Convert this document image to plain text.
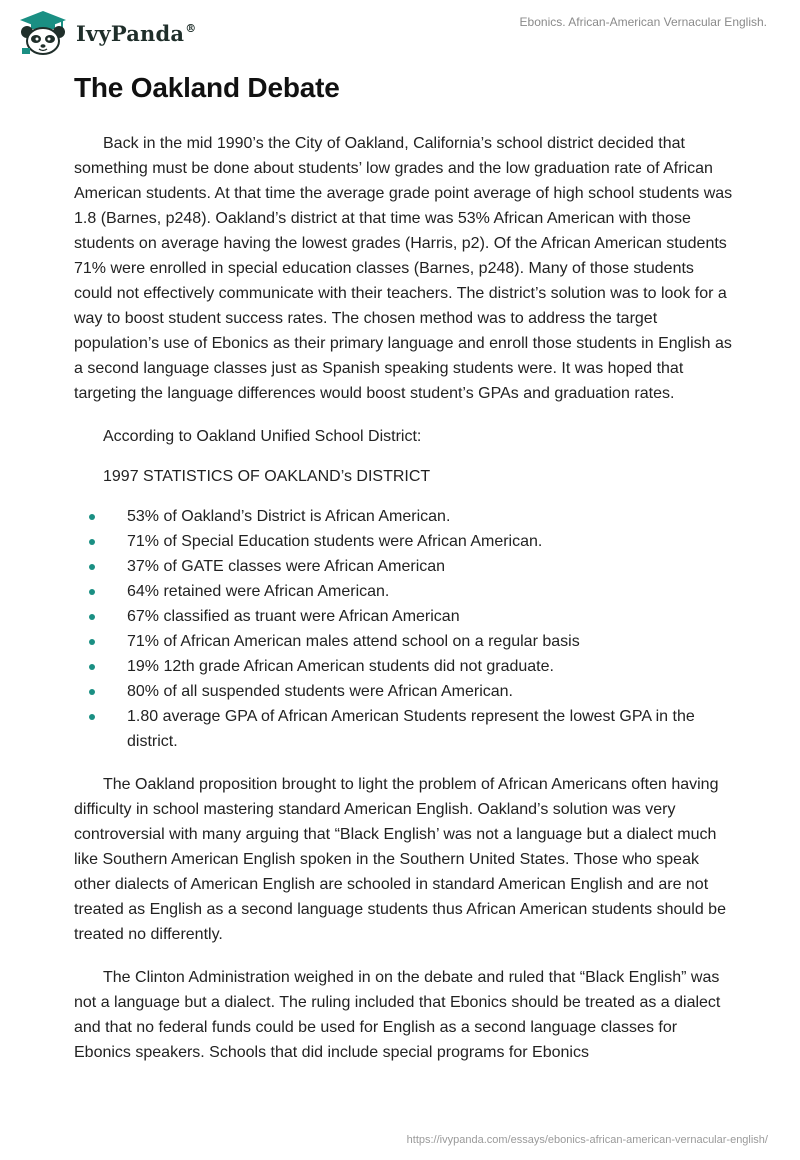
IvyPanda®	Ebonics. African-American Vernacular English.
The Oakland Debate

Back in the mid 1990’s the City of Oakland, California’s school district decided that something must be done about students’ low grades and the low graduation rate of African American students. At that time the average grade point average of high school students was 1.8 (Barnes, p248). Oakland’s district at that time was 53% African American with those students on average having the lowest grades (Harris, p2). Of the African American students 71% were enrolled in special education classes (Barnes, p248). Many of those students could not effectively communicate with their teachers. The district’s solution was to look for a way to boost student success rates. The chosen method was to address the target population’s use of Ebonics as their primary language and enroll those students in English as a second language classes just as Spanish speaking students were. It was hoped that targeting the language differences would boost student’s GPAs and graduation rates.

According to Oakland Unified School District:

1997 STATISTICS OF OAKLAND’s DISTRICT

53% of Oakland’s District is African American.
71% of Special Education students were African American.
37% of GATE classes were African American
64% retained were African American.
67% classified as truant were African American
71% of African American males attend school on a regular basis
19% 12th grade African American students did not graduate.
80% of all suspended students were African American.
1.80 average GPA of African American Students represent the lowest GPA in the district.

The Oakland proposition brought to light the problem of African Americans often having difficulty in school mastering standard American English. Oakland’s solution was very controversial with many arguing that “Black English’ was not a language but a dialect much like Southern American English spoken in the Southern United States. Those who speak other dialects of American English are schooled in standard American English and are not treated as English as a second language students thus African American students should be treated no differently.

The Clinton Administration weighed in on the debate and ruled that “Black English” was not a language but a dialect. The ruling included that Ebonics should be treated as a dialect and that no federal funds could be used for English as a second language classes for Ebonics speakers. Schools that did include special programs for Ebonics

https://ivypanda.com/essays/ebonics-african-american-vernacular-english/
